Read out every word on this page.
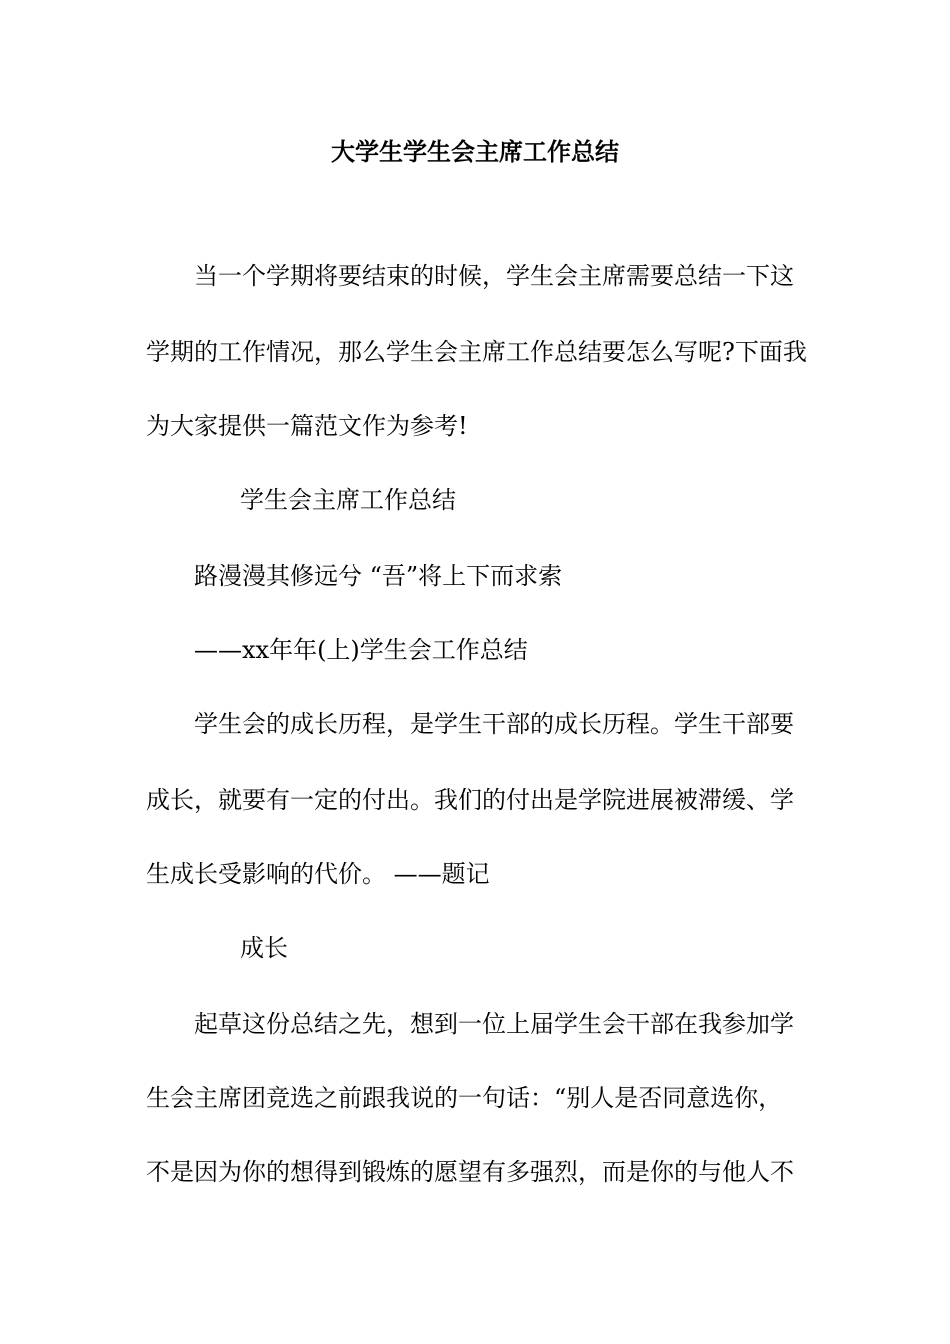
大学生学生会主席工作总结
当一个学期将要结束的时候，学生会主席需要总结一下这
学期的工作情况，那么学生会主席工作总结要怎么写呢?下面我
为大家提供一篇范文作为参考!
学生会主席工作总结
路漫漫其修远兮 “吾”将上下而求索
——xx年年(上)学生会工作总结
学生会的成长历程，是学生干部的成长历程。学生干部要
成长，就要有一定的付出。我们的付出是学院进展被滞缓、学
生成长受影响的代价。 ——题记
成长
起草这份总结之先，想到一位上届学生会干部在我参加学
生会主席团竞选之前跟我说的一句话：“别人是否同意选你，
不是因为你的想得到锻炼的愿望有多强烈，而是你的与他人不
